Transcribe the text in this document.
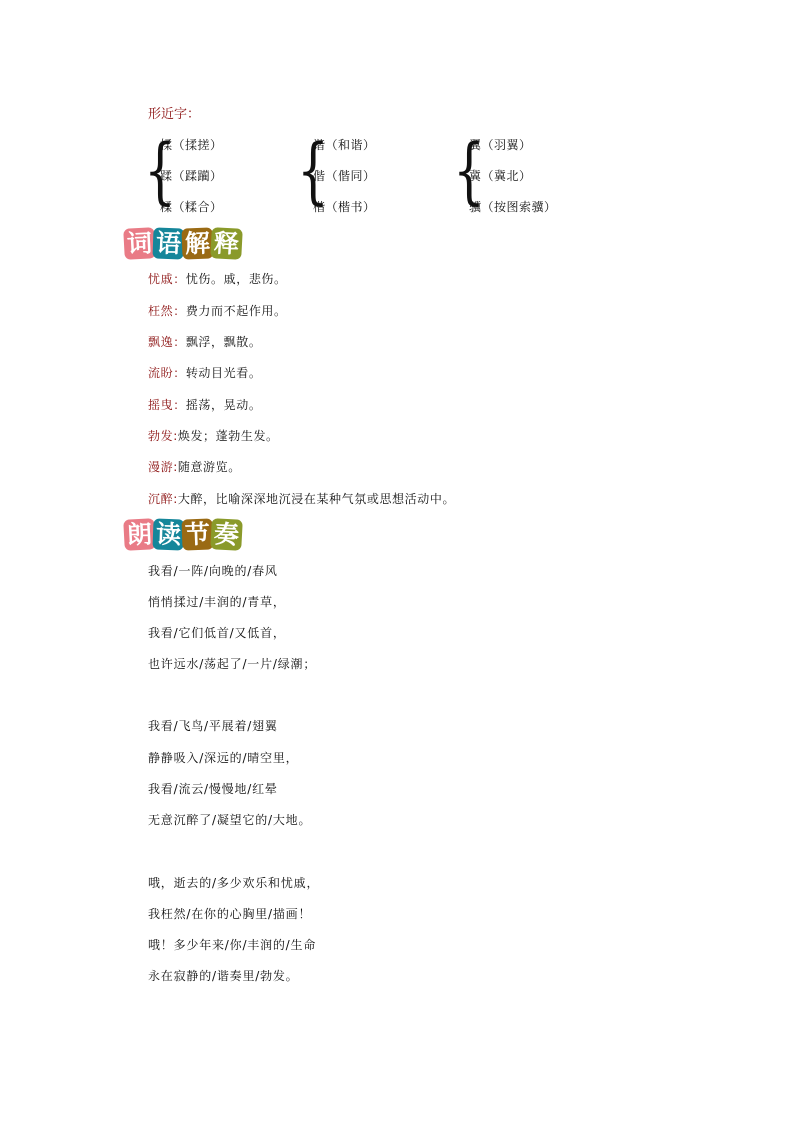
形近字：
{
揉（揉搓）
蹂（蹂躏）
糅（糅合） {
谐（和谐）
偕（偕同）
楷（楷书） {
翼（羽翼）
冀（冀北）
骥（按图索骥）
词 语 解 释
忧戚：忧伤。戚，悲伤。
枉然：费力而不起作用。
飘逸：飘浮，飘散。
流盼：转动目光看。
摇曳：摇荡，晃动。
勃发:焕发；蓬勃生发。
漫游:随意游览。
沉醉:大醉，比喻深深地沉浸在某种气氛或思想活动中。
朗 读 节 奏
我看/一阵/向晚的/春风
悄悄揉过/丰润的/青草，
我看/它们低首/又低首，
也许远水/荡起了/一片/绿潮；
我看/飞鸟/平展着/翅翼
静静吸入/深远的/晴空里，
我看/流云/慢慢地/红晕
无意沉醉了/凝望它的/大地。
哦，逝去的/多少欢乐和忧戚，
我枉然/在你的心胸里/描画！
哦！多少年来/你/丰润的/生命
永在寂静的/谐奏里/勃发。
